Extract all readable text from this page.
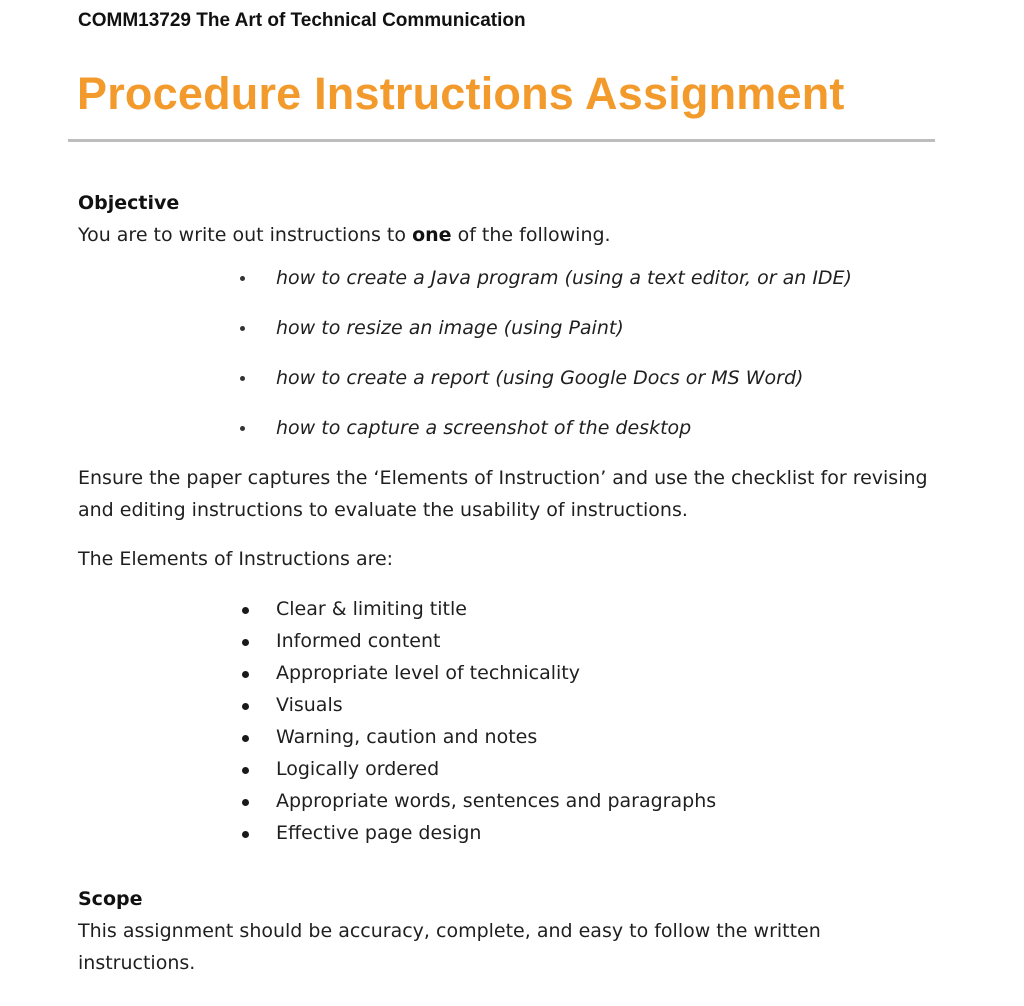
COMM13729 The Art of Technical Communication
Procedure Instructions Assignment
Objective
You are to write out instructions to one of the following.
how to create a Java program (using a text editor, or an IDE)
how to resize an image (using Paint)
how to create a report (using Google Docs or MS Word)
how to capture a screenshot of the desktop
Ensure the paper captures the ‘Elements of Instruction’ and use the checklist for revising and editing instructions to evaluate the usability of instructions.
The Elements of Instructions are:
Clear & limiting title
Informed content
Appropriate level of technicality
Visuals
Warning, caution and notes
Logically ordered
Appropriate words, sentences and paragraphs
Effective page design
Scope
This assignment should be accuracy, complete, and easy to follow the written instructions.
